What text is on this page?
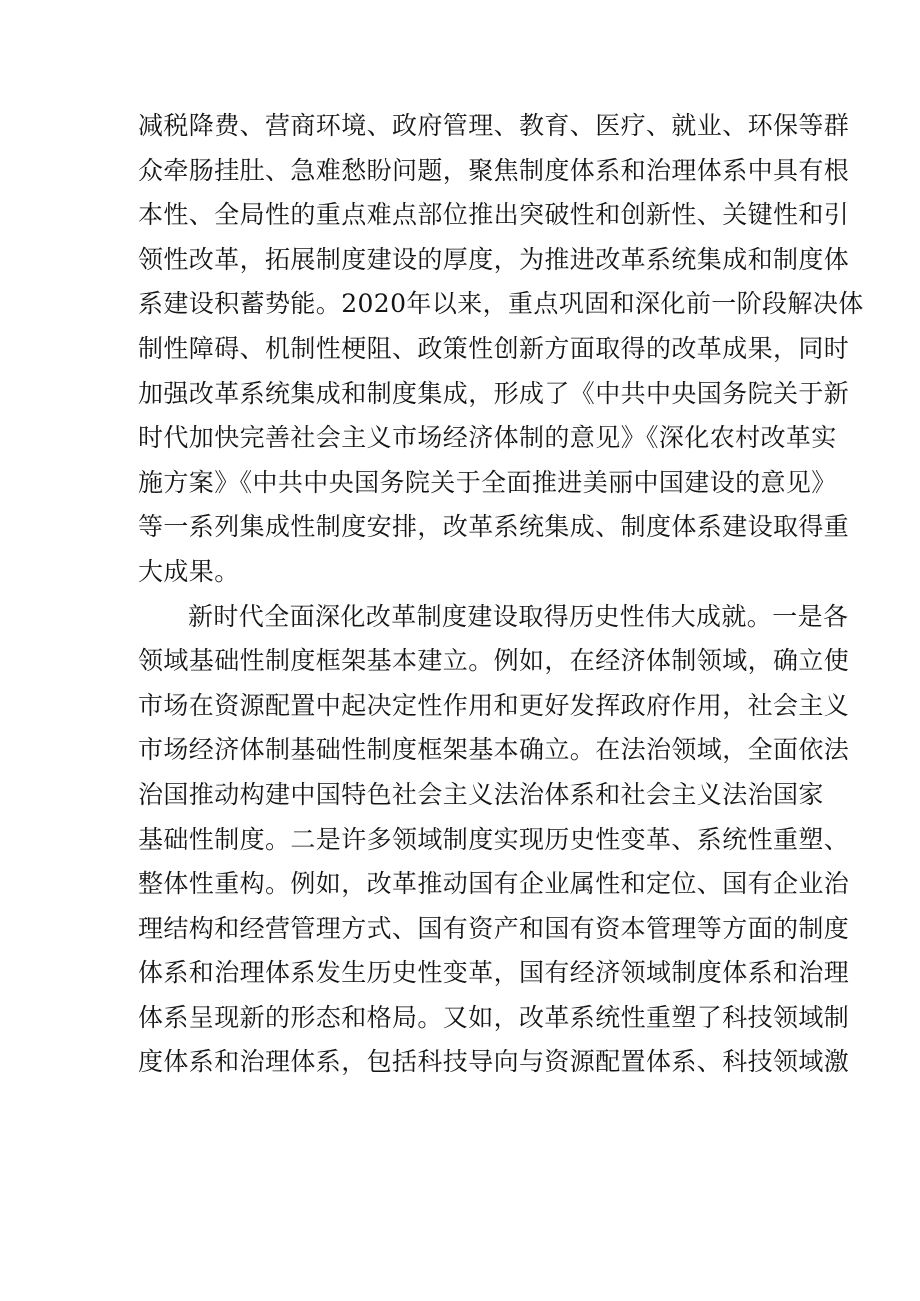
减税降费、营商环境、政府管理、教育、医疗、就业、环保等群
众牵肠挂肚、急难愁盼问题，聚焦制度体系和治理体系中具有根
本性、全局性的重点难点部位推出突破性和创新性、关键性和引
领性改革，拓展制度建设的厚度，为推进改革系统集成和制度体
系建设积蓄势能。2020年以来，重点巩固和深化前一阶段解决体
制性障碍、机制性梗阻、政策性创新方面取得的改革成果，同时
加强改革系统集成和制度集成，形成了《中共中央国务院关于新
时代加快完善社会主义市场经济体制的意见》《深化农村改革实
施方案》《中共中央国务院关于全面推进美丽中国建设的意见》
等一系列集成性制度安排，改革系统集成、制度体系建设取得重
大成果。
新时代全面深化改革制度建设取得历史性伟大成就。一是各
领域基础性制度框架基本建立。例如，在经济体制领域，确立使
市场在资源配置中起决定性作用和更好发挥政府作用，社会主义
市场经济体制基础性制度框架基本确立。在法治领域，全面依法
治国推动构建中国特色社会主义法治体系和社会主义法治国家
基础性制度。二是许多领域制度实现历史性变革、系统性重塑、
整体性重构。例如，改革推动国有企业属性和定位、国有企业治
理结构和经营管理方式、国有资产和国有资本管理等方面的制度
体系和治理体系发生历史性变革，国有经济领域制度体系和治理
体系呈现新的形态和格局。又如，改革系统性重塑了科技领域制
度体系和治理体系，包括科技导向与资源配置体系、科技领域激
